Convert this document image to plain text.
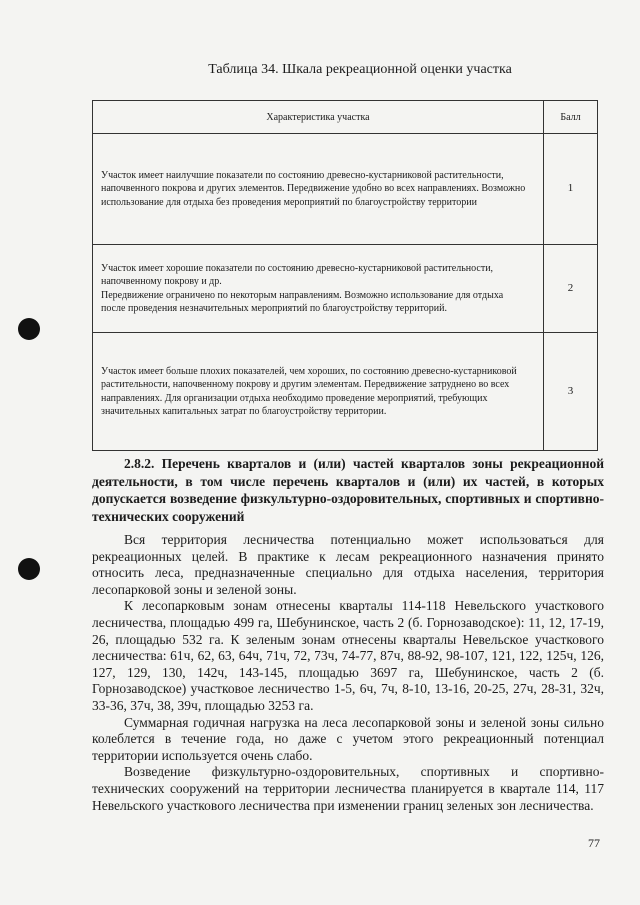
Таблица 34. Шкала рекреационной оценки участка
Характеристика участка	Балл
Участок имеет наилучшие показатели по состоянию древесно-кустарниковой растительности, напочвенного покрова и других элементов. Передвижение удобно во всех направлениях. Возможно использование для отдыха без проведения мероприятий по благоустройству территории	1

Участок имеет хорошие показатели по состоянию древесно-кустарниковой растительности, напочвенному покрову и др.
Передвижение ограничено по некоторым направлениям. Возможно использование для отдыха после проведения незначительных мероприятий по благоустройству территорий.	2
Участок имеет больше плохих показателей, чем хороших, по состоянию древесно-кустарниковой растительности, напочвенному покрову и другим элементам. Передвижение затруднено во всех направлениях. Для организации отдыха необходимо проведение мероприятий, требующих значительных капитальных затрат по благоустройству территории.	3
2.8.2. Перечень кварталов и (или) частей кварталов зоны рекреационной деятельности, в том числе перечень кварталов и (или) их частей, в которых допускается возведение физкультурно-оздоровительных, спортивных и спортивно-технических сооружений

Вся территория лесничества потенциально может использоваться для рекреационных целей. В практике к лесам рекреационного назначения принято относить леса, предназначенные специально для отдыха населения, территория лесопарковой зоны и зеленой зоны.

К лесопарковым зонам отнесены кварталы 114-118 Невельского участкового лесничества, площадью 499 га, Шебунинское, часть 2 (б. Горнозаводское): 11, 12, 17-19, 26, площадью 532 га. К зеленым зонам отнесены кварталы Невельское участкового лесничества: 61ч, 62, 63, 64ч, 71ч, 72, 73ч, 74-77, 87ч, 88-92, 98-107, 121, 122, 125ч, 126, 127, 129, 130, 142ч, 143-145, площадью 3697 га, Шебунинское, часть 2 (б. Горнозаводское) участковое лесничество 1-5, 6ч, 7ч, 8-10, 13-16, 20-25, 27ч, 28-31, 32ч, 33-36, 37ч, 38, 39ч, площадью 3253 га.

Суммарная годичная нагрузка на леса лесопарковой зоны и зеленой зоны сильно колеблется в течение года, но даже с учетом этого рекреационный потенциал территории используется очень слабо.

Возведение физкультурно-оздоровительных, спортивных и спортивно-технических сооружений на территории лесничества планируется в квартале 114, 117 Невельского участкового лесничества при изменении границ зеленых зон лесничества.

77
